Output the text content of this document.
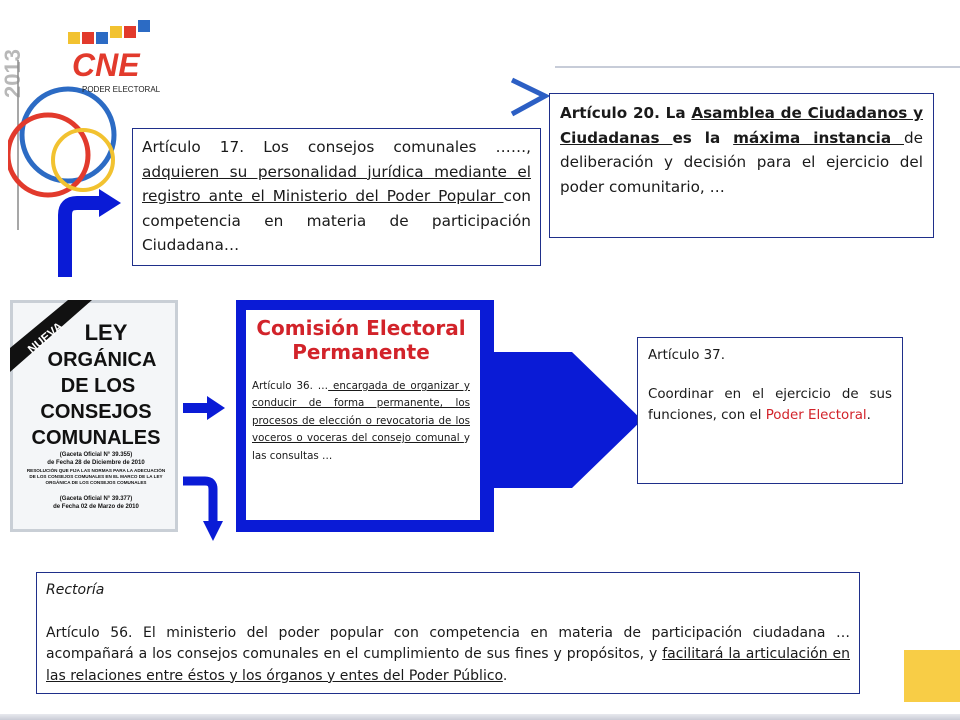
2013 CNE
PODER ELECTORAL
Artículo 17. Los consejos comunales ……, adquieren su personalidad jurídica mediante el registro ante el Ministerio del Poder Popular con competencia en materia de participación Ciudadana…
Artículo 20. La Asamblea de Ciudadanos y Ciudadanas es la máxima instancia de deliberación y decisión para el ejercicio del poder comunitario, …
NUEVA LEY
ORGÁNICA
DE LOS
CONSEJOS
COMUNALES
(Gaceta Oficial N° 39.355)
de Fecha 28 de Diciembre de 2010
RESOLUCIÓN QUE FIJA LAS NORMAS PARA LA ADECUACIÓN DE LOS CONSEJOS COMUNALES EN EL MARCO DE LA LEY ORGÁNICA DE LOS CONSEJOS COMUNALES
(Gaceta Oficial N° 39.377)
de Fecha 02 de Marzo de 2010
Comisión Electoral Permanente
Artículo 36. … encargada de organizar y conducir de forma permanente, los procesos de elección o revocatoria de los voceros o voceras del consejo comunal y las consultas …
Artículo 37.
Coordinar en el ejercicio de sus funciones, con el Poder Electoral.
Rectoría
Artículo 56. El ministerio del poder popular con competencia en materia de participación ciudadana …acompañará a los consejos comunales en el cumplimiento de sus fines y propósitos, y facilitará la articulación en las relaciones entre éstos y los órganos y entes del Poder Público.
